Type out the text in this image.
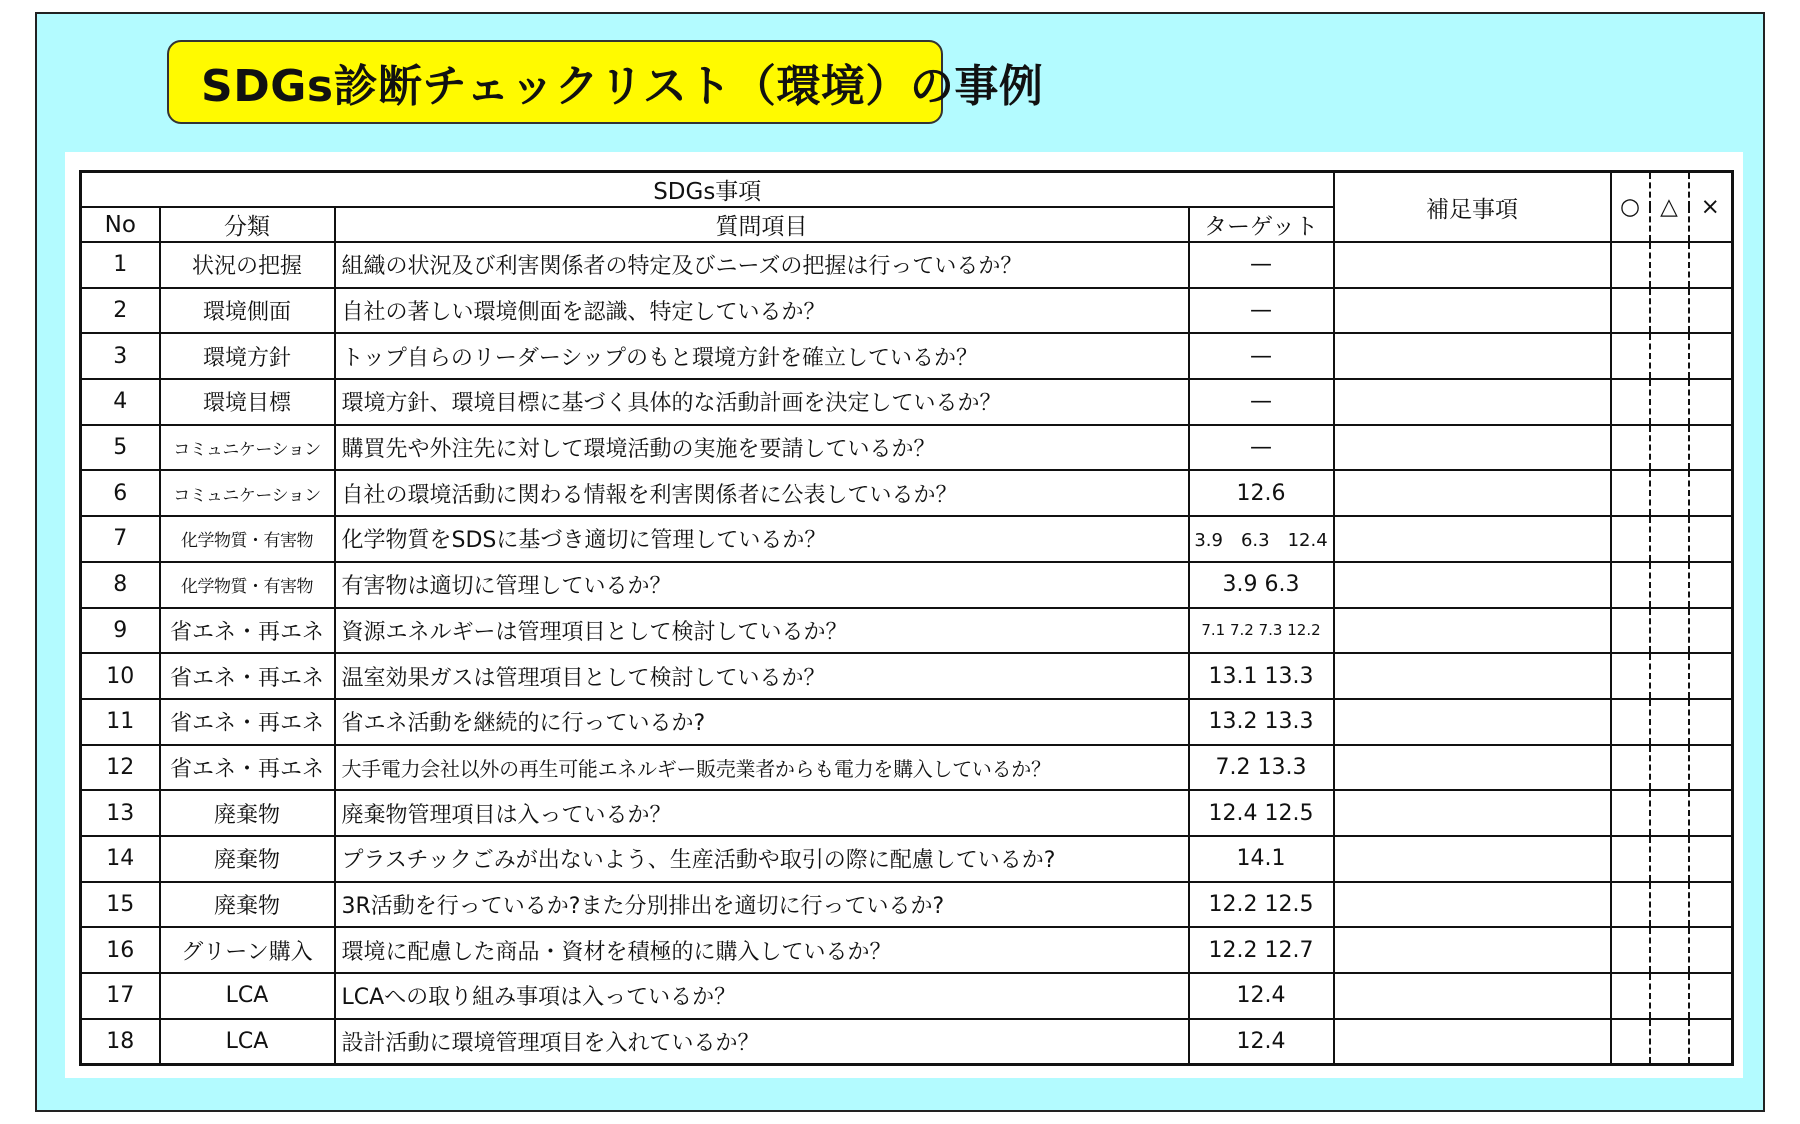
SDGs診断チェックリスト（環境）の事例
SDGs事項				補足事項	○	△	×
No	分類	質問項目	ターゲット				
1	状況の把握	組織の状況及び利害関係者の特定及びニーズの把握は行っているか？	—				
2	環境側面	自社の著しい環境側面を認識、特定しているか？	—				
3	環境方針	トップ自らのリーダーシップのもと環境方針を確立しているか？	—				
4	環境目標	環境方針、環境目標に基づく具体的な活動計画を決定しているか？	—				
5	コミュニケーション	購買先や外注先に対して環境活動の実施を要請しているか？	—				
6	コミュニケーション	自社の環境活動に関わる情報を利害関係者に公表しているか？	12.6				
7	化学物質・有害物	化学物質をSDSに基づき適切に管理しているか？	3.9　6.3　12.4				
8	化学物質・有害物	有害物は適切に管理しているか？	3.9 6.3				
9	省エネ・再エネ	資源エネルギーは管理項目として検討しているか？	7.1 7.2 7.3 12.2				
10	省エネ・再エネ	温室効果ガスは管理項目として検討しているか？	13.1 13.3				
11	省エネ・再エネ	省エネ活動を継続的に行っているか?	13.2 13.3				
12	省エネ・再エネ	大手電力会社以外の再生可能エネルギー販売業者からも電力を購入しているか？	7.2 13.3				
13	廃棄物	廃棄物管理項目は入っているか？	12.4 12.5				
14	廃棄物	プラスチックごみが出ないよう、生産活動や取引の際に配慮しているか?	14.1				
15	廃棄物	3R活動を行っているか?また分別排出を適切に行っているか?	12.2 12.5				
16	グリーン購入	環境に配慮した商品・資材を積極的に購入しているか？	12.2 12.7				
17	LCA	LCAへの取り組み事項は入っているか？	12.4				
18	LCA	設計活動に環境管理項目を入れているか？	12.4				
